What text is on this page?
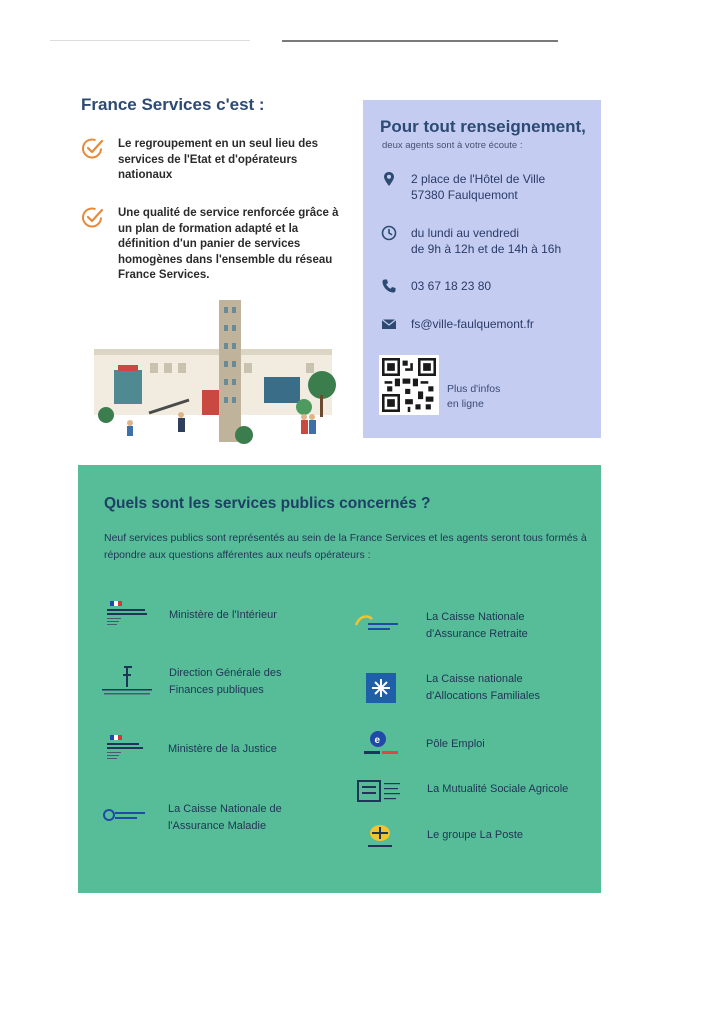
France Services c'est :
Le regroupement en un seul lieu des services de l'Etat et d'opérateurs nationaux
Une qualité de service renforcée grâce à un plan de formation adapté et la définition d'un panier de services homogènes dans l'ensemble du réseau France Services.
Pour tout renseignement,
deux agents sont à votre écoute :
2 place de l'Hôtel de Ville
57380 Faulquemont
du lundi au vendredi
de 9h à 12h et de 14h à 16h
03 67 18 23 80
fs@ville-faulquemont.fr
Plus d'infos
en ligne
Quels sont les services publics concernés ?
Neuf services publics sont représentés au sein de la France Services et les agents seront tous formés à répondre aux questions afférentes aux neufs opérateurs :
Ministère de l'Intérieur
Direction Générale des
Finances publiques
Ministère de la Justice
La Caisse Nationale de
l'Assurance Maladie
La Caisse Nationale
d'Assurance Retraite
La Caisse nationale
d'Allocations Familiales
e	Pôle Emploi
La Mutualité Sociale Agricole
Le groupe La Poste
